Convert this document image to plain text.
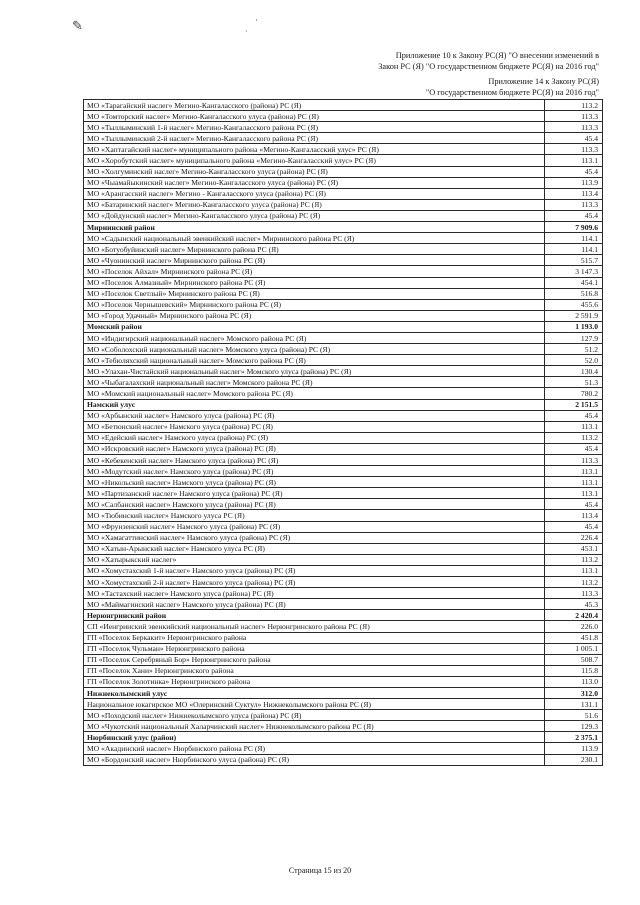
✎	·
·
Приложение 10 к Закону РС(Я) "О внесении изменений в
Закон РС (Я) "О государственном бюджете РС(Я) на 2016 год"
Приложение 14 к Закону РС(Я)
"О государственном бюджете РС(Я) на 2016 год"
МО «Тарагайский наслег» Мегино-Кангаласского (района) РС (Я)	113.2
МО «Томторский наслег» Мегино-Кангаласского улуса (района) РС (Я)	113.3
МО «Тыллыминский 1-й наслег» Мегино-Кангаласского района РС (Я)	113.3
МО «Тыллыминский 2-й наслег» Мегино-Кангаласского района РС (Я)	45.4
МО «Хаптагайский наслег» муниципального района «Мегино-Кангаласский улус» РС (Я)	113.3
МО «Хоробутский наслег» муниципального района «Мегино-Кангаласский улус» РС (Я)	113.1
МО «Холгуминский наслег» Мегино-Кангаласского улуса (района) РС (Я)	45.4
МО «Чыамайыкинский наслег» Мегино-Кангаласского улуса (района) РС (Я)	113.9
МО «Арангасский наслег» Мегино - Кангаласского улуса (района) РС (Я)	113.4
МО «Батаринский наслег» Мегино-Кангаласского улуса (района) РС (Я)	113.3
МО «Дойдунский наслег» Мегино-Кангаласского улуса (района) РС (Я)	45.4
Мирнинский район	7 909.6
МО «Садынский национальный эвенкийский наслег» Мирнинского района РС (Я)	114.1
МО «Ботуобуйинский наслег» Мирнинского района РС (Я)	114.1
МО «Чуонинский наслег» Мирнинского района РС (Я)	515.7
МО «Поселок Айхал» Мирнинского района РС (Я)	3 147.3
МО «Поселок Алмазный» Мирнинского района РС (Я)	454.1
МО «Поселок Светлый» Мирнинского района РС (Я)	516.8
МО «Поселок Чернышевский» Мирнинского района РС (Я)	455.6
МО «Город Удачный» Мирнинского района РС (Я)	2 591.9
Момский район	1 193.0
МО «Индигирский национальный наслег» Момского района РС (Я)	127.9
МО «Соболохский национальный наслег» Момского улуса (района) РС (Я)	51.2
МО «Тебюляхский национальный наслег» Момского района РС (Я)	52.0
МО «Улахан-Чистайский национальный наслег» Момского улуса (района) РС (Я)	130.4
МО «Чыбагалахский национальный наслег» Момского района РС (Я)	51.3
МО «Момский национальный наслег» Момского района РС (Я)	780.2
Намский улус	2 151.5
МО «Арбынский наслег» Намского улуса (района) РС (Я)	45.4
МО «Бетюнский наслег» Намского улуса (района) РС (Я)	113.1
МО «Едейский наслег» Намского улуса (района) РС (Я)	113.2
МО «Искровский наслег» Намского улуса (района) РС (Я)	45.4
МО «Кебекенский наслег» Намского улуса (района) РС (Я)	113.3
МО «Модутский наслег» Намского улуса (района) РС (Я)	113.1
МО «Никольский наслег» Намского улуса (района) РС (Я)	113.1
МО «Партизанский наслег» Намского улуса (района) РС (Я)	113.1
МО «Салбанский наслег» Намского улуса (района) РС (Я)	45.4
МО «Тюбинский наслег» Намского улуса РС (Я)	113.4
МО «Фрунзенский наслег» Намского улуса (района) РС (Я)	45.4
МО «Хамагаттинский наслег» Намского улуса (района) РС (Я)	226.4
МО «Хатын-Арынский наслег» Намского улуса РС (Я)	453.1
МО «Хатырыкский наслег»	113.2
МО «Хомустахский 1-й наслег» Намского улуса (района) РС (Я)	113.1
МО «Хомустахский 2-й наслег» Намского улуса (района) РС (Я)	113.2
МО «Тастахский наслег» Намского улуса (района) РС (Я)	113.3
МО «Маймагинский наслег» Намского улуса (района) РС (Я)	45.3
Нерюнгринский район	2 420.4
СП «Иенгринский эвенкийский национальный наслег» Нерюнгринского района РС (Я)	226.0
ГП «Поселок Беркакит» Нерюнгринского района	451.8
ГП «Поселок Чульман» Нерюнгринского района	1 005.1
ГП «Поселок Серебряный Бор» Нерюнгринского района	508.7
ГП «Поселок Хани» Нерюнгринского района	115.8
ГП «Поселок Золотинка» Нерюнгринского района	113.0
Нижнеколымский улус	312.0
Национальное юкагирское МО «Олеринский Суктул» Нижнеколымского района РС (Я)	131.1
МО «Походский наслег» Нижнеколымского улуса (района) РС (Я)	51.6
МО «Чукотский национальный Халарчинский наслег» Нижнеколымского района РС (Я)	129.3
Нюрбинский улус (район)	2 375.1
МО «Акадинский наслег» Нюрбинского района РС (Я)	113.9
МО «Бордонский наслег» Нюрбинского улуса (района) РС (Я)	230.1
Страница 15 из 20
